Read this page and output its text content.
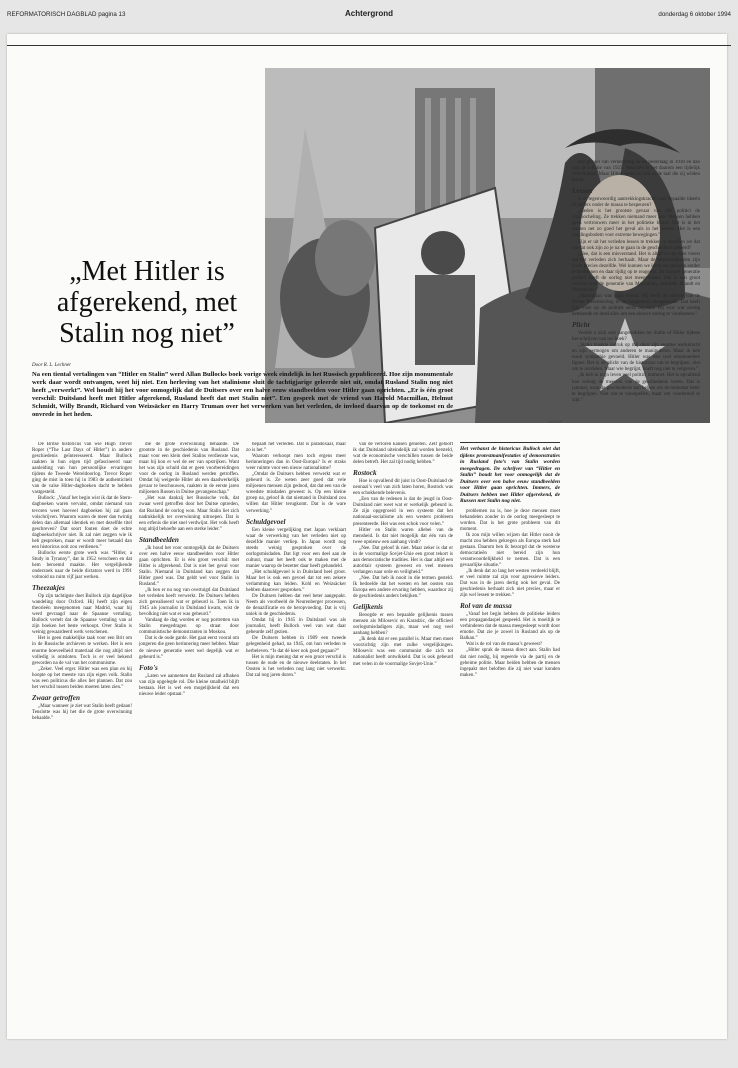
REFORMATORISCH DAGBLAD pagina 13	Achtergrond	donderdag 6 oktober 1994
„Met Hitler is afgerekend, met Stalin nog niet”
Door R. L. Lechner
Na een tiental vertalingen van “Hitler en Stalin” werd Allan Bullocks boek vorige week eindelijk in het Russisch gepubliceerd. Hoe zijn monumentale werk daar wordt ontvangen, weet hij niet. Een herleving van het stalinisme sluit de tachtigjarige geleerde niet uit, omdat Rusland Stalin nog niet heeft „verwerkt”. Wel houdt hij het voor onmogelijk dat de Duitsers over een halve eeuw standbeelden voor Hitler gaan oprichten. „Er is één groot verschil: Duitsland heeft met Hitler afgerekend, Rusland heeft dat met Stalin niet”. Een gesprek met de vriend van Harold Macmillan, Helmut Schmidt, Willy Brandt, Richard von Weizsäcker en Harry Truman over het verwerken van het verleden, de invloed daarvan op de toekomst en de onvrede in het heden.

De Britse historicus van wie Hugh Trevor Roper (“The Last Days of Hitler”) in andere geschiedenis geïnteresseerd. Maar Bullock raakten in hun eigen tijd gefascineerd naar aanleiding van hun persoonlijke ervaringen tijdens de Tweede Wereldoorlog. Trevor Roper ging de mist in toen hij in 1983 de authenticiteit van de valse Hitler-dagboeken dacht te hebben vastgesteld.

Bullock: „Vanaf het begin wist ik dat de Stern-dagboeken waren vervalst, omdat niemand van tevoren weet hoeveel dagboeken hij zal gaan volschrijven. Waarom waren de meer dan twintig delen dan allemaal identiek en met dezelfde titel geschreven? Dat soort fouten doet de echte dagboekschrijver niet. Ik zal niet zeggen wie ik heb gesproken, maar er wordt meer betaald dan een historicus ooit zou verdienen.”

Bullocks eerste grote werk was “Hitler, a Study in Tyranny”, dat in 1952 verscheen en dat hem beroemd maakte. Het vergelijkende onderzoek naar de beide dictators werd in 1991 voltooid na ruim vijf jaar werken.

Theezakjes

Op zijn tachtigste doet Bullock zijn dagelijkse wandeling door Oxford. Hij heeft zijn eigen theorieën meegenomen naar Madrid, waar hij werd gevraagd naar de Spaanse vertaling. Bullock vertelt dat de Spaanse vertaling van al zijn boeken het beste verkoopt. Over Stalin is weinig gewaardeerd werk verschenen.

Het is geen makkelijke taak voor een Brit om in de Russische archieven te werken. Het is een enorme hoeveelheid materiaal die nog altijd niet volledig is ontsloten. Toch is er veel bekend geworden na de val van het communisme.

„Zeker. Veel erger. Hitler was een plan en hij hoopte op het meeste van zijn eigen volk. Stalin was een politicus die alles liet plannen. Dat zou het verschil tussen beiden moeten laten zien.”

Zwaar getroffen

„Maar wanneer je ziet wat Stalin heeft gedaan! Tenslotte was hij het die de grote overwinning behaalde.”

die de grote overwinning behaalde. De grootste in de geschiedenis van Rusland. Dat maar voor een klein deel Stalins verdienste was, maar hij kon er wel de eer van opstrijken. Want het was zijn schuld dat er geen voorbereidingen voor de oorlog in Rusland werden getroffen. Omdat hij weigerde Hitler als een daadwerkelijk gevaar te beschouwen, raakten in de eerste jaren miljoenen Russen in Duitse gevangenschap.”

„Het was dankzij het Russische volk, dat zwaar werd getroffen door het Duitse optreden, dat Rusland de oorlog won. Maar Stalin liet zich nadrukkelijk ter overwinning uitroepen. Dat is een erfenis die niet snel verdwijnt. Het volk heeft nog altijd behoefte aan een sterke leider.”

Standbeelden

„Ik houd het voor onmogelijk dat de Duitsers over een halve eeuw standbeelden voor Hitler gaan oprichten. Er is één groot verschil: met Hitler is afgerekend. Dat is niet het geval voor Stalin. Niemand in Duitsland kan zeggen dat Hitler goed was. Dat geldt wel voor Stalin in Rusland.”

„Ik ben er nu nog van overtuigd dat Duitsland het verleden heeft verwerkt. De Duitsers hebben zich gerealiseerd wat er gebeurd is. Toen ik in 1945 als journalist in Duitsland kwam, wist de bevolking niet wat er was gebeurd.”

Vandaag de dag worden er nog portretten van Stalin meegedragen op straat door communistische demonstranten in Moskou.

Dat is de oude garde. Het gaat eerst vooral om jongeren die geen herinnering meer hebben. Maar de nieuwe generatie weet wel degelijk wat er gebeurd is.”

Foto's

„Laten we aannemen dat Rusland zal afhaken van zijn opgelegde rol. Die kleine smalheid blijft bestaan. Het is wel een mogelijkheid dat een nieuwe leider opstaat.”

bepaalt het verleden. Dat is paradoxaal, maar zo is het.”

Waarom verkoopt men toch ergens meer herinneringen dan in Oost-Europa? Is er straks weer ruimte voor een nieuw nationalisme?

„Omdat de Duitsers hebben verwerkt wat er gebeurd is. Ze weten zeer goed dat vele miljoenen mensen zijn gedood, dat dat een van de wreedste misdaden geweest is. Op een kleine groep na, geloof ik dat niemand in Duitsland zou willen dat Hitler terugkomt. Dat is de ware verwerking.”

Schuldgevoel

Een kleine vergelijking met Japan verklaart waar de verwerking van het verleden niet op dezelfde manier verliep. In Japan wordt nog steeds weinig gesproken over de oorlogsmisdaden. Dat ligt voor een deel aan de cultuur, maar het heeft ook te maken met de manier waarop de bezetter daar heeft gehandeld.

„Het schuldgevoel is in Duitsland heel groot. Maar het is ook een gevoel dat tot een zekere verlamming kan leiden. Kohl en Weizsäcker hebben daarover gesproken.”

De Duitsers hebben dat veel beter aangepakt. Neem als voorbeeld de Neurenberger processen, de denazificatie en de heropvoeding. Dat is vrij uniek in de geschiedenis.

Omdat hij in 1945 in Duitsland was als journalist, heeft Bullock veel van wat daar gebeurde zelf gezien.

De Duitsers hebben in 1989 een tweede gelegenheid gehad, na 1945, om hun verleden te herbeleven. “Is dat dé keer ook goed gegaan?”

Het is mijn mening dat er een groot verschil is tussen de oude en de nieuwe deelstaten. In het Oosten is het verleden nog lang niet verwerkt. Dat zal nog jaren duren.”

van de verloren kansen genieten. Zelf gelooft ik dat Duitsland uiteindelijk zal worden hersteld, wat de economische verschillen tussen de beide delen betreft. Het zal tijd nodig hebben.”

Rostock

Hoe is opvallend dit juist in Oost-Duitsland de neonazi’s veel van zich laten horen, Rostock was een schokkende belevenis.

„Een van de redenen is dat de jeugd in Oost-Duitsland niet weet wat er werkelijk gebeurd is. Ze zijn opgegroeid in een systeem dat het nationaal-socialisme als een westers probleem presenteerde. Het was een schok voor velen.”

Hitler en Stalin waren allebei van de mensheid. Is dat niet mogelijk dat één van de twee opnieuw een aanhang vindt?

„Nee. Dat geloof ik niet. Maar zeker is dat er in de voormalige Sovjet-Unie een groot tekort is aan democratische tradities. Het is daar altijd een autoritair systeem geweest en veel mensen verlangen naar orde en veiligheid.”

„Nee. Dat heb ik nooit in die termen gesteld. Ik bedoelde dat het westen en het oosten van Europa een andere ervaring hebben, waardoor zij de geschiedenis anders bekijken.”

Gelijkenis

Beoogde er een bepaalde gelijkenis tussen mensen als Milosevic en Karadzic, die officieel oorlogsmisdadigers zijn, maar wel nog veel aanhang hebben?

„Ik denk dat er een parallel is. Maar men moet voorzichtig zijn met zulke vergelijkingen. Milosevic was een communist die zich tot nationalist heeft ontwikkeld. Dat is ook gebeurd met velen in de voormalige Sovjet-Unie.”

Het verbanst de historicus Bullock niet dat tijdens protestmanifestaties of demonstraties in Rusland foto’s van Stalin worden meegedragen. De schrijver van “Hitler en Stalin” houdt het voor onmogelijk dat de Duitsers over een halve eeuw standbeelden voor Hitler gaan oprichten. Immers, de Duitsers hebben met Hitler afgerekend, de Russen met Stalin nog niet.

problemen na is, hoe je deze mensen moet behandelen zonder in de oorlog meegesleept te worden. Dat is het grote probleem van dit moment.

Ik zou mijn willen wijzen dat Hitler nooit de macht zou hebben gekregen als Europa sterk had gestaan. Daarom ben ik bezorgd dat de westerse democratieën niet bereid zijn hun verantwoordelijkheid te nemen. Dat is een gevaarlijke situatie.”

„Ik denk dat zo lang het westen verdeeld blijft, er veel ruimte zal zijn voor agressieve leiders. Dat was in de jaren dertig ook het geval. De geschiedenis herhaalt zich niet precies, maar er zijn wel lessen te trekken.”

Rol van de massa

„Vanaf het begin hebben de politieke leiders een propagandaspel gespeeld. Het is moeilijk te verhinderen dat de massa meegesleept wordt door emotie. Dat zie je zowel in Rusland als op de Balkan.”

Wat is de rol van de massa’s geweest?

„Hitler sprak de massa direct aan. Stalin had dat niet nodig, hij regeerde via de partij en de geheime politie. Maar beiden hebben de mensen ingepakt met beloften die zij niet waar konden maken.”

een gevoel van vernedering na de nederlaag in 1918 en dan nog de inflatie van 1923. Meschen in het daarom een tijdelijk verschijnsel. Maar Hitler sprak tot hen in de taal die zij wilden horen.

Lessen

Is er tegenwoordig aantrekkingskracht voor bepaalde ideeën of leiders onder de massa te bespeuren?

„Heden is het grootste gevaar van alle politici de ontgoocheling. Ze trekken niemand meer aan. Mensen hebben geen vertrouwen meer in het politieke bestel. Dat is in het westen net zo goed het geval als in het oosten. Het is een voedingsbodem voor extreme bewegingen.”

Zijn er uit het verleden lessen te trekken of beseffen we dat we dat ook zijn zo je na te gaan in de geschiedenis geleerd?

„Nee, dat is een misverstand. Het is altijd zo dat men vreest dat het verleden zich herhaalt. Maar de omstandigheden zijn nooit precies dezelfde. Wel kunnen we leren om gevaren eerder te herkennen en daar tijdig op te reageren. De nieuwe generatie politici heeft de oorlog niet meegemaakt. Dat is een groot verschil met de generatie van Macmillan, Schmidt, Brandt en Weizsäcker.”

„Macmillan was mijn vriend. Hij heeft de ellende van de Eerste Wereldoorlog in de loopgraven meegemaakt. Dat heeft zijn visie op de politiek sterk bepaald. Hij wist wat oorlog betekende en deed alles om een nieuwe oorlog te voorkomen.”

Plicht

Voelde u zich ooit aangetrokken tot Stalin of Hitler tijdens het schrijven van uw boek?

„Stalin maakte indruk op mij door zijn enorme werkkracht en zijn vermogen om anderen te manipuleren. Maar ik heb nooit sympathie gevoeld. Hitler was een veel emotionelere figuur. Het is de plicht van de historicus om te begrijpen, niet om te oordelen. Maar wie begrijpt, hoeft nog niet te vergeven.”

„Ik heb in mijn leven veel politici ontmoet. Het is opvallend hoe weinig de meesten van de geschiedenis weten. Dat is jammer, want de geschiedenis kan helpen om de toekomst beter te begrijpen. Niet om te voorspellen, maar om voorbereid te zijn.”

foto ANP
